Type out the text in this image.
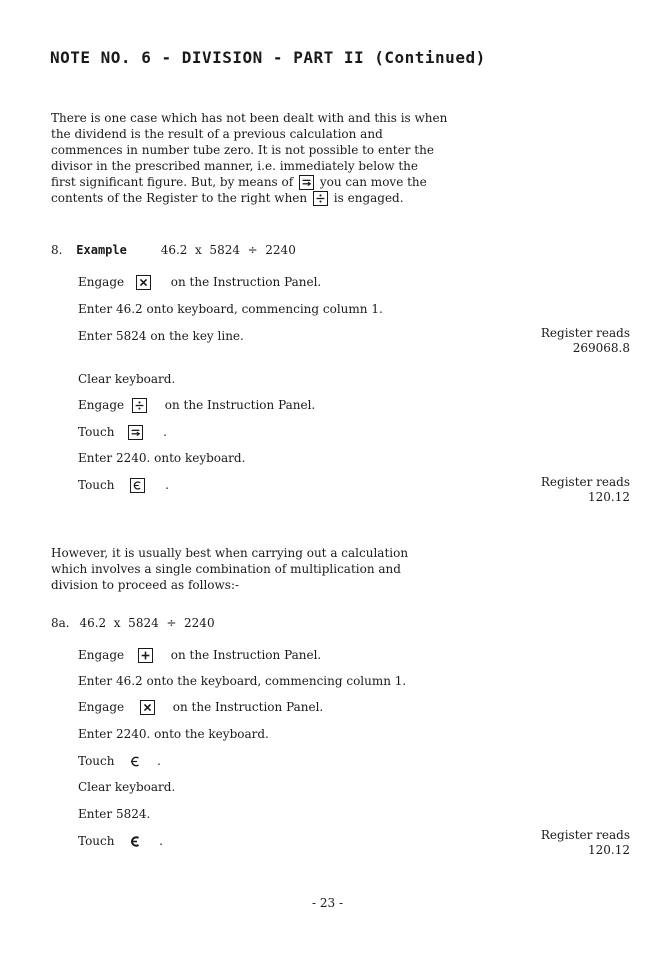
NOTE NO. 6 - DIVISION - PART II (Continued)
There is one case which has not been dealt with and this is when
the dividend is the result of a previous calculation and
commences in number tube zero. It is not possible to enter the
divisor in the prescribed manner, i.e. immediately below the
first significant figure. But, by means of you can move the
contents of the Register to the right when is engaged.
8. Example	46.2  x  5824  ÷  2240
Engage	on the Instruction Panel.
Enter 46.2 onto keyboard, commencing column 1.
Enter 5824 on the key line.	Register reads
269068.8
Clear keyboard.
Engage	on the Instruction Panel.
Touch	.
Enter 2240. onto keyboard.
Touch	.	Register reads
120.12
However, it is usually best when carrying out a calculation
which involves a single combination of multiplication and
division to proceed as follows:-
8a. 46.2  x  5824  ÷  2240
Engage	on the Instruction Panel.
Enter 46.2 onto the keyboard, commencing column 1.
Engage	on the Instruction Panel.
Enter 2240. onto the keyboard.
Touch	.
Clear keyboard.
Enter 5824.
Touch	.	Register reads
120.12
- 23 -
